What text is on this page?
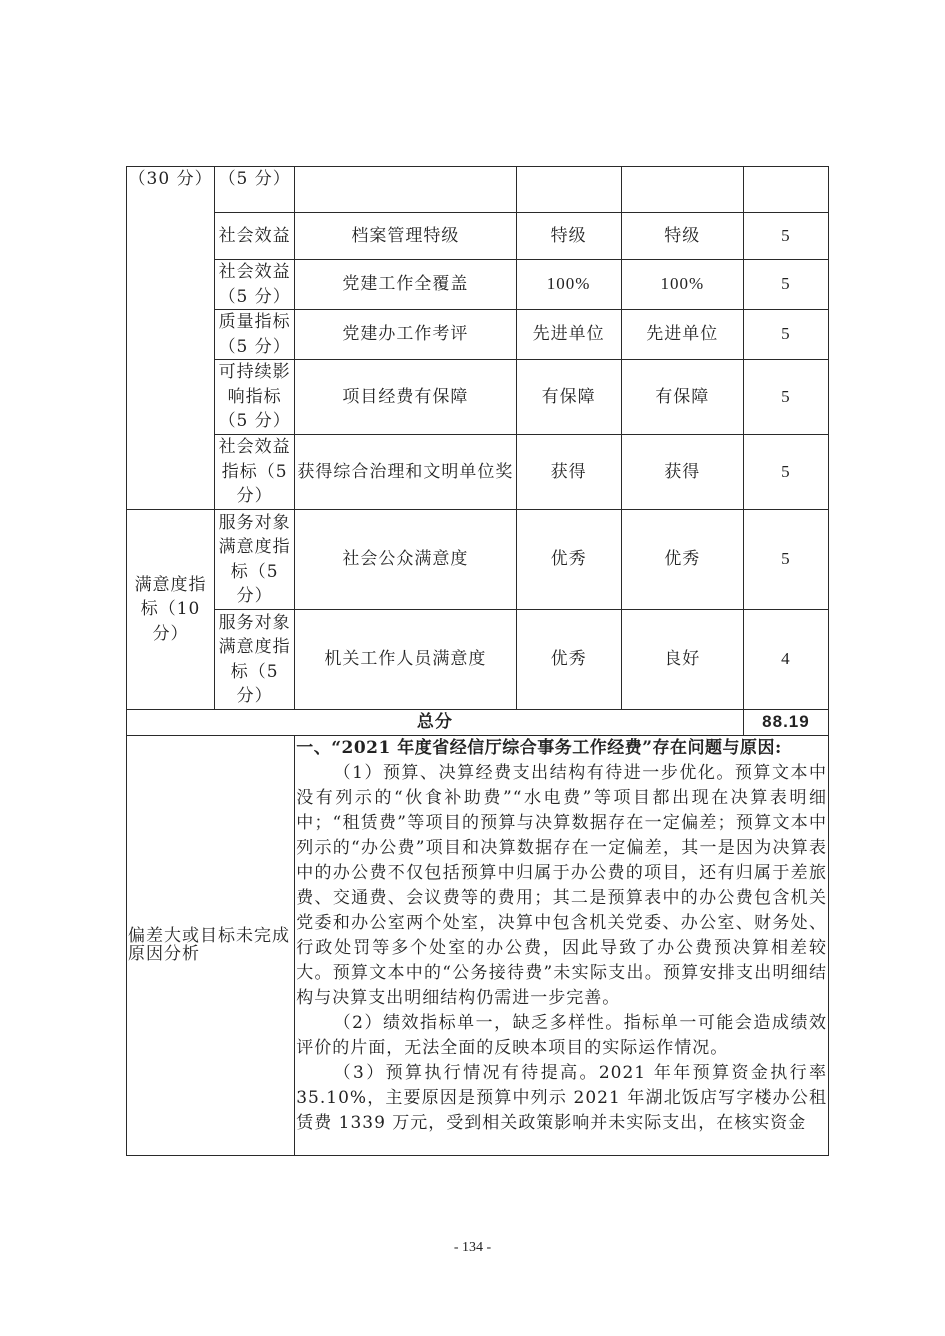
（30 分）	（5 分）				
	社会效益	档案管理特级	特级	特级	5
	社会效益（5 分）	党建工作全覆盖	100%	100%	5
	质量指标（5 分）	党建办工作考评	先进单位	先进单位	5
	可持续影响指标（5 分）	项目经费有保障	有保障	有保障	5
	社会效益指标（5 分）	获得综合治理和文明单位奖	获得	获得	5
满意度指标（10 分）	服务对象满意度指标（5 分）	社会公众满意度	优秀	优秀	5
	服务对象满意度指标（5 分）	机关工作人员满意度	优秀	良好	4
总分					88.19
偏差大或目标未完成原因分析		一、“2021 年度省经信厅综合事务工作经费”存在问题与原因:

（1）预算、决算经费支出结构有待进一步优化。预算文本中没有列示的“伙食补助费”“水电费”等项目都出现在决算表明细中；“租赁费”等项目的预算与决算数据存在一定偏差；预算文本中列示的“办公费”项目和决算数据存在一定偏差，其一是因为决算表中的办公费不仅包括预算中归属于办公费的项目，还有归属于差旅费、交通费、会议费等的费用；其二是预算表中的办公费包含机关党委和办公室两个处室，决算中包含机关党委、办公室、财务处、行政处罚等多个处室的办公费，因此导致了办公费预决算相差较大。预算文本中的“公务接待费”未实际支出。预算安排支出明细结构与决算支出明细结构仍需进一步完善。

（2）绩效指标单一，缺乏多样性。指标单一可能会造成绩效评价的片面，无法全面的反映本项目的实际运作情况。

（3）预算执行情况有待提高。2021 年年预算资金执行率35.10%，主要原因是预算中列示 2021 年湖北饭店写字楼办公租赁费 1339 万元，受到相关政策影响并未实际支出，在核实资金			

- 134 -
